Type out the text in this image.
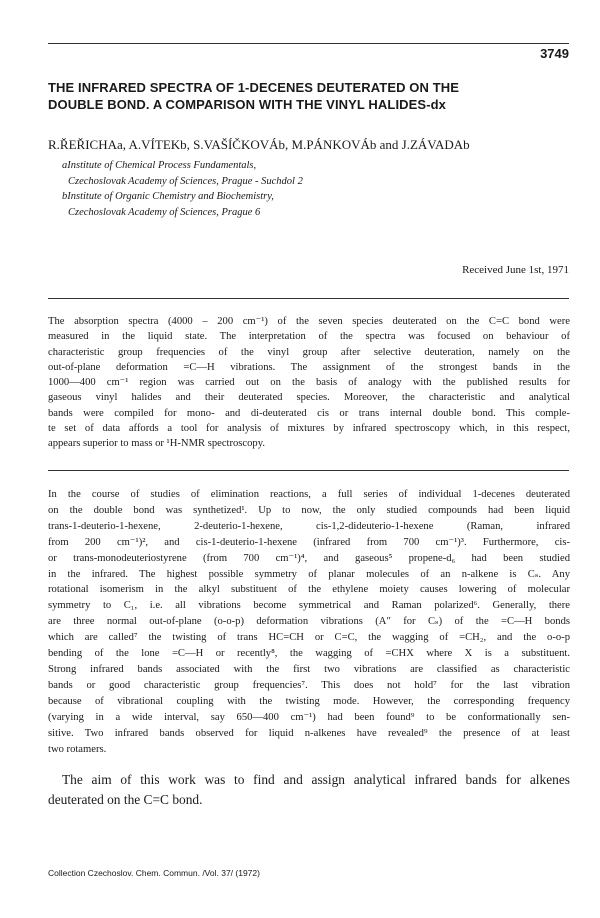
3749
THE INFRARED SPECTRA OF 1-DECENES DEUTERATED ON THE
DOUBLE BOND. A COMPARISON WITH THE VINYL HALIDES-dx
R.ŘEŘICHAa, A.VÍTEKb, S.VAŠÍČKOVÁb, M.PÁNKOVÁb and J.ZÁVADAb
aInstitute of Chemical Process Fundamentals,
Czechoslovak Academy of Sciences, Prague - Suchdol 2
bInstitute of Organic Chemistry and Biochemistry,
Czechoslovak Academy of Sciences, Prague 6
Received June 1st, 1971
The absorption spectra (4000 – 200 cm⁻¹) of the seven species deuterated on the C=C bond were
measured in the liquid state. The interpretation of the spectra was focused on behaviour of
characteristic group frequencies of the vinyl group after selective deuteration, namely on the
out-of-plane deformation =C—H vibrations. The assignment of the strongest bands in the
1000—400 cm⁻¹ region was carried out on the basis of analogy with the published results for
gaseous vinyl halides and their deuterated species. Moreover, the characteristic and analytical
bands were compiled for mono- and di-deuterated cis or trans internal double bond. This comple-
te set of data affords a tool for analysis of mixtures by infrared spectroscopy which, in this respect,
appears superior to mass or ¹H-NMR spectroscopy.
In the course of studies of elimination reactions, a full series of individual 1-decenes deuterated
on the double bond was synthetized¹. Up to now, the only studied compounds had been liquid
trans-1-deuterio-1-hexene, 2-deuterio-1-hexene, cis-1,2-dideuterio-1-hexene (Raman, infrared
from 200 cm⁻¹)², and cis-1-deuterio-1-hexene (infrared from 700 cm⁻¹)³. Furthermore, cis-
or trans-monodeuteriostyrene (from 700 cm⁻¹)⁴, and gaseous⁵ propene-d₆ had been studied
in the infrared. The highest possible symmetry of planar molecules of an n-alkene is Cₛ. Any
rotational isomerism in the alkyl substituent of the ethylene moiety causes lowering of molecular
symmetry to C₁, i.e. all vibrations become symmetrical and Raman polarized⁶. Generally, there
are three normal out-of-plane (o-o-p) deformation vibrations (A″ for Cₛ) of the =C—H bonds
which are called⁷ the twisting of trans HC=CH or C=C, the wagging of =CH₂, and the o-o-p
bending of the lone =C—H or recently⁸, the wagging of =CHX where X is a substituent.
Strong infrared bands associated with the first two vibrations are classified as characteristic
bands or good characteristic group frequencies⁷. This does not hold⁷ for the last vibration
because of vibrational coupling with the twisting mode. However, the corresponding frequency
(varying in a wide interval, say 650—400 cm⁻¹) had been found⁹ to be conformationally sen-
sitive. Two infrared bands observed for liquid n-alkenes have revealed⁹ the presence of at least
two rotamers.
The aim of this work was to find and assign analytical infrared bands for alkenes
deuterated on the C=C bond.
Collection Czechoslov. Chem. Commun. /Vol. 37/ (1972)
